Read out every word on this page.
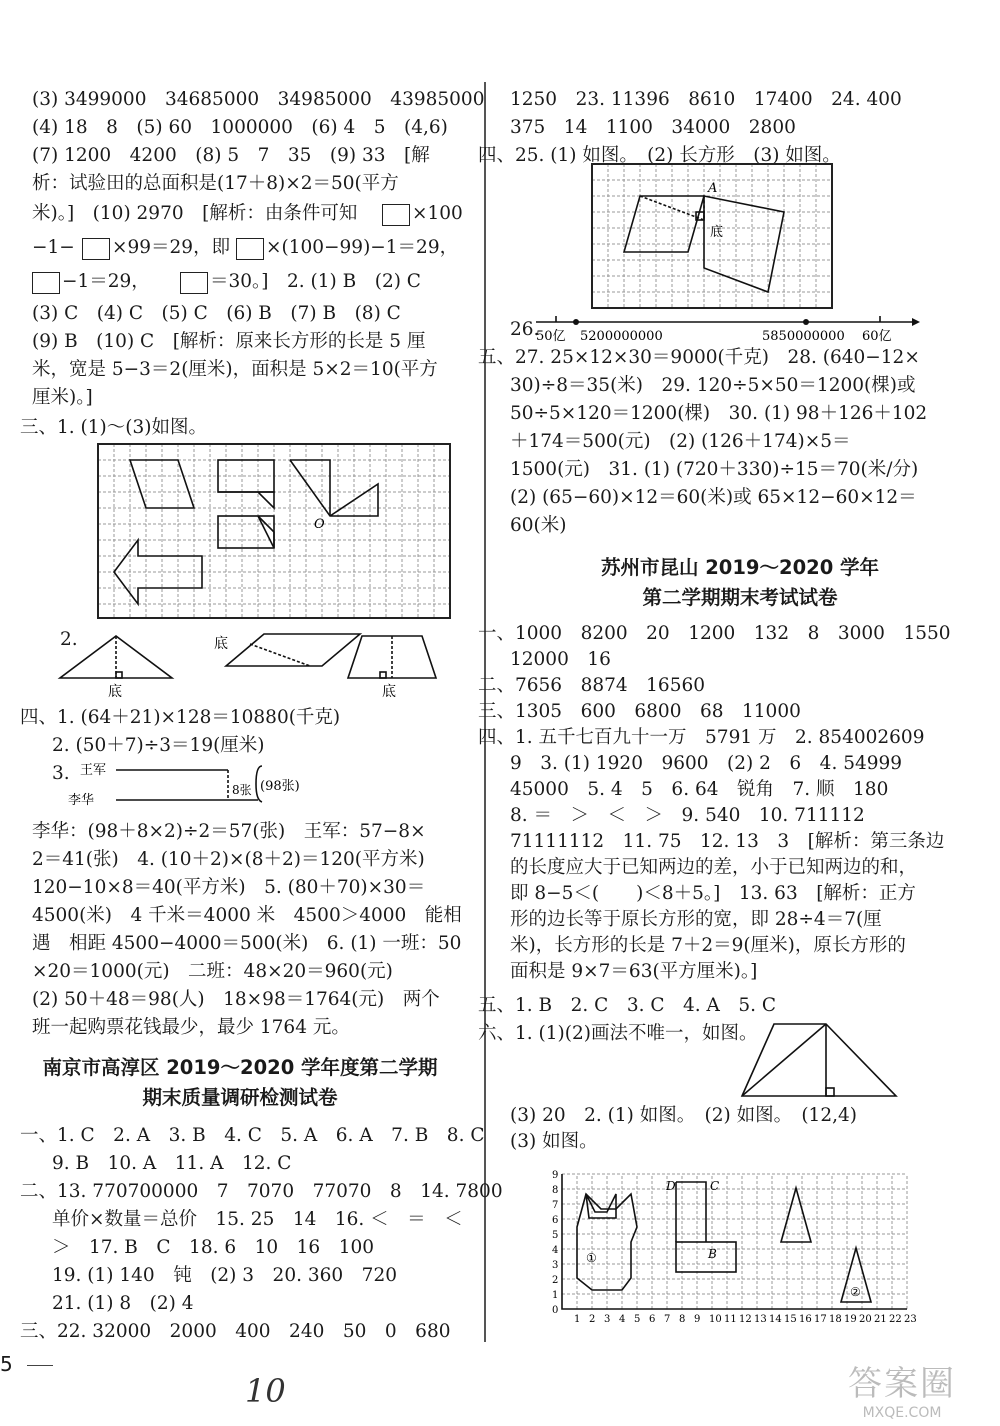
(3) 3499000　34685000　34985000　43985000
(4) 18　8　(5) 60　1000000　(6) 4　5　(4,6)
(7) 1200　4200　(8) 5　7　35　(9) 33　[解
析：试验田的总面积是(17＋8)×2＝50(平方
米)。]　(10) 2970　[解析：由条件可知	×100
−1− ×99＝29，即 ×(100−99)−1＝29，
−1＝29，	＝30。]　2. (1) B　(2) C
(3) C　(4) C　(5) C　(6) B　(7) B　(8) C
(9) B　(10) C　[解析：原来长方形的长是 5 厘
米，宽是 5−3＝2(厘米)，面积是 5×2＝10(平方
厘米)。]
三、1. (1)～(3)如图。
O
2.
底
底
底
四、1. (64＋21)×128＝10880(千克)
2. (50＋7)÷3＝19(厘米)
3. 王军
李华
8张 (98张)
李华：(98＋8×2)÷2＝57(张)　王军：57−8×
2＝41(张)　4. (10＋2)×(8＋2)＝120(平方米)
120−10×8＝40(平方米)　5. (80＋70)×30＝
4500(米)　4 千米＝4000 米　4500＞4000　能相
遇　相距 4500−4000＝500(米)　6. (1) 一班：50
×20＝1000(元)　二班：48×20＝960(元)
(2) 50＋48＝98(人)　18×98＝1764(元)　两个
班一起购票花钱最少，最少 1764 元。
南京市高淳区 2019～2020 学年度第二学期
期末质量调研检测试卷
一、1. C　2. A　3. B　4. C　5. A　6. A　7. B　8. C
9. B　10. A　11. A　12. C
二、13. 770700000　7　7070　77070　8　14. 7800
单价×数量＝总价　15. 25　14　16. ＜　＝　＜
＞　17. B　C　18. 6　10　16　100
19. (1) 140　钝　(2) 3　20. 360　720
21. (1) 8　(2) 4
三、22. 32000　2000　400　240　50　0　680
1250　23. 11396　8610　17400　24. 400
375　14　1100　34000　2800
四、25. (1) 如图。　(2) 长方形　(3) 如图。
A
底
26.
50亿 5200000000	5850000000 60亿
五、27. 25×12×30＝9000(千克)　28. (640−12×
30)÷8＝35(米)　29. 120÷5×50＝1200(棵)或
50÷5×120＝1200(棵)　30. (1) 98＋126＋102
＋174＝500(元)　(2) (126＋174)×5＝
1500(元)　31. (1) (720＋330)÷15＝70(米/分)
(2) (65−60)×12＝60(米)或 65×12−60×12＝
60(米)
苏州市昆山 2019～2020 学年
第二学期期末考试试卷
一、1000　8200　20　1200　132　8　3000　1550
12000　16
二、7656　8874　16560
三、1305　600　6800　68　11000
四、1. 五千七百九十一万　5791 万　2. 854002609
9　3. (1) 1920　9600　(2) 2　6　4. 54999
45000　5. 4　5　6. 64　锐角　7. 顺　180
8. ＝　＞　＜　＞　9. 540　10. 711112
71111112　11. 75　12. 13　3　[解析：第三条边
的长度应大于已知两边的差，小于已知两边的和，
即 8−5＜(　　)＜8＋5。]　13. 63　[解析：正方
形的边长等于原长方形的宽，即 28÷4＝7(厘
米)，长方形的长是 7＋2＝9(厘米)，原长方形的
面积是 9×7＝63(平方厘米)。]
五、1. B　2. C　3. C　4. A　5. C
六、1. (1)(2)画法不唯一，如图。
(3) 20　2. (1) 如图。　(2) 如图。　(12,4)
(3) 如图。
1 2 3 4 5 6 7 8 9 10 11 12 13 14 15 16 17 18 19 20 21 22 23
0
1
2
3
4
5
6
7
8
9
①
D	C
B
②
5
10	答案圈
MXQE.COM
